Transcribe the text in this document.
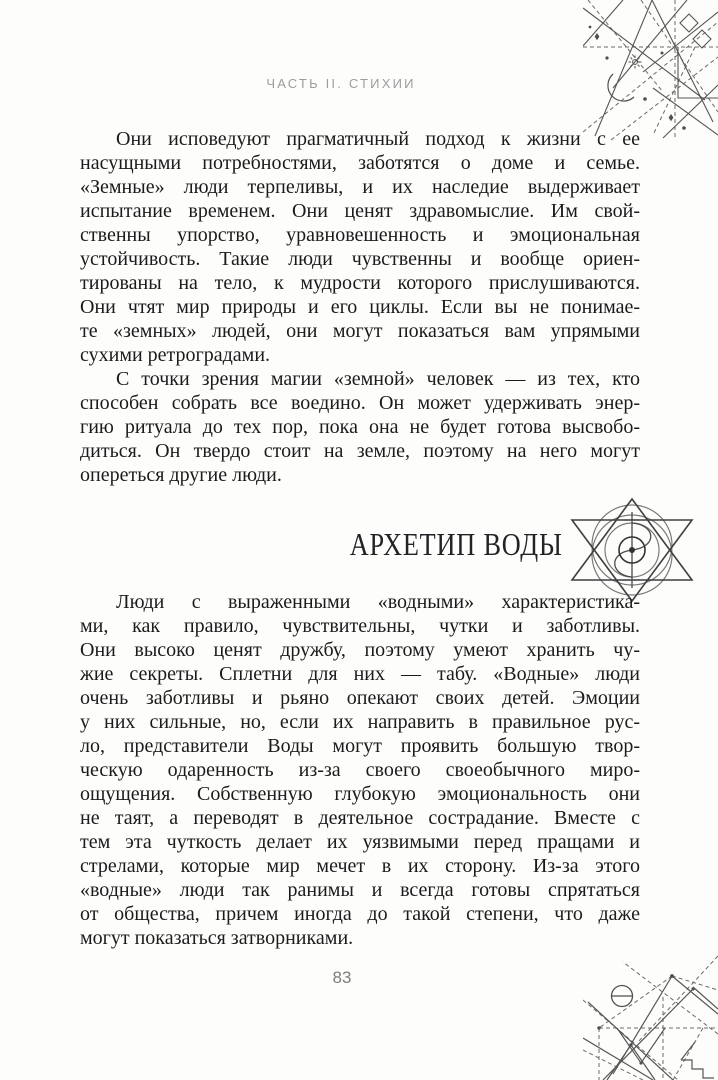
ЧАСТЬ II. СТИХИИ
Они исповедуют прагматичный подход к жизни с ее
насущными потребностями, заботятся о доме и семье.
«Земные» люди терпеливы, и их наследие выдерживает
испытание временем. Они ценят здравомыслие. Им свой-
ственны упорство, уравновешенность и эмоциональная
устойчивость. Такие люди чувственны и вообще ориен-
тированы на тело, к мудрости которого прислушиваются.
Они чтят мир природы и его циклы. Если вы не понимае-
те «земных» людей, они могут показаться вам упрямыми
сухими ретроградами.
С точки зрения магии «земной» человек — из тех, кто
способен собрать все воедино. Он может удерживать энер-
гию ритуала до тех пор, пока она не будет готова высвобо-
диться. Он твердо стоит на земле, поэтому на него могут
опереться другие люди.
АРХЕТИП ВОДЫ
Люди с выраженными «водными» характеристика-
ми, как правило, чувствительны, чутки и заботливы.
Они высоко ценят дружбу, поэтому умеют хранить чу-
жие секреты. Сплетни для них — табу. «Водные» люди
очень заботливы и рьяно опекают своих детей. Эмоции
у них сильные, но, если их направить в правильное рус-
ло, представители Воды могут проявить большую твор-
ческую одаренность из-за своего своеобычного миро-
ощущения. Собственную глубокую эмоциональность они
не таят, а переводят в деятельное сострадание. Вместе с
тем эта чуткость делает их уязвимыми перед пращами и
стрелами, которые мир мечет в их сторону. Из-за этого
«водные» люди так ранимы и всегда готовы спрятаться
от общества, причем иногда до такой степени, что даже
могут показаться затворниками.
83
